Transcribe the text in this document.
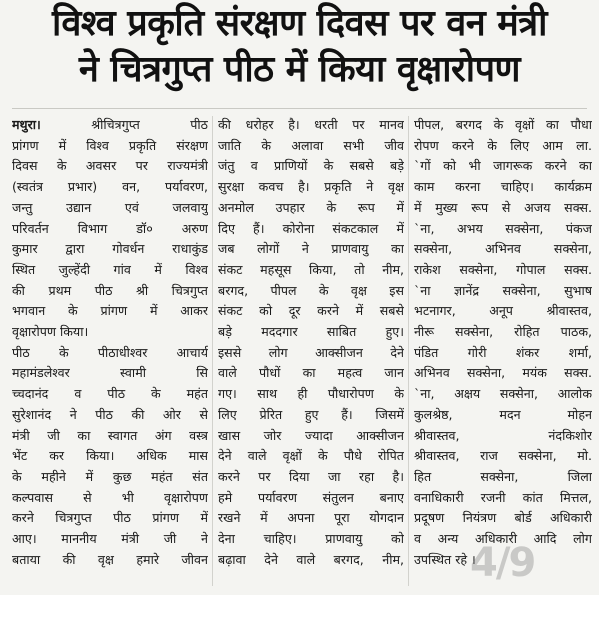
विश्व प्रकृति संरक्षण दिवस पर वन मंत्री
ने चित्रगुप्त पीठ में किया वृक्षारोपण
मथुरा। श्रीचित्रगुप्त पीठ
प्रांगण में विश्व प्रकृति संरक्षण
दिवस के अवसर पर राज्यमंत्री
(स्वतंत्र प्रभार) वन, पर्यावरण,
जन्तु उद्यान एवं जलवायु
परिवर्तन विभाग डॉ० अरुण
कुमार द्वारा गोवर्धन राधाकुंड
स्थित जुल्हेंदी गांव में विश्व
की प्रथम पीठ श्री चित्रगुप्त
भगवान के प्रांगण में आकर
वृक्षारोपण किया।
पीठ के पीठाधीश्वर आचार्य
महामंडलेश्वर स्वामी सि
च्चदानंद व पीठ के महंत
सुरेशानंद ने पीठ की ओर से
मंत्री जी का स्वागत अंग वस्त्र
भेंट कर किया। अधिक मास
के महीने में कुछ महंत संत
कल्पवास से भी वृक्षारोपण
करने चित्रगुप्त पीठ प्रांगण में
आए। माननीय मंत्री जी ने
बताया की वृक्ष हमारे जीवन
की धरोहर है। धरती पर मानव
जाति के अलावा सभी जीव
जंतु व प्राणियों के सबसे बड़े
सुरक्षा कवच है। प्रकृति ने वृक्ष
अनमोल उपहार के रूप में
दिए हैं। कोरोना संकटकाल में
जब लोगों ने प्राणवायु का
संकट महसूस किया, तो नीम,
बरगद, पीपल के वृक्ष इस
संकट को दूर करने में सबसे
बड़े मददगार साबित हुए।
इससे लोग आक्सीजन देने
वाले पौधों का महत्व जान
गए। साथ ही पौधारोपण के
लिए प्रेरित हुए हैं। जिसमें
खास जोर ज्यादा आक्सीजन
देने वाले वृक्षों के पौधे रोपित
करने पर दिया जा रहा है।
हमे पर्यावरण संतुलन बनाए
रखने में अपना पूरा योगदान
देना चाहिए। प्राणवायु को
बढ़ावा देने वाले बरगद, नीम,
पीपल, बरगद के वृक्षों का पौधा
रोपण करने के लिए आम ला.
`गों को भी जागरूक करने का
काम करना चाहिए। कार्यक्रम
में मुख्य रूप से अजय सक्स.
`ना, अभय सक्सेना, पंकज
सक्सेना, अभिनव सक्सेना,
राकेश सक्सेना, गोपाल सक्स.
`ना ज्ञानेंद्र सक्सेना, सुभाष
भटनागर, अनूप श्रीवास्तव,
नीरू सक्सेना, रोहित पाठक,
पंडित गोरी शंकर शर्मा,
अभिनव सक्सेना, मयंक सक्स.
`ना, अक्षय सक्सेना, आलोक
कुलश्रेष्ठ, मदन मोहन
श्रीवास्तव, नंदकिशोर
श्रीवास्तव, राज सक्सेना, मो.
हित सक्सेना, जिला
वनाधिकारी रजनी कांत मित्तल,
प्रदूषण नियंत्रण बोर्ड अधिकारी
व अन्य अधिकारी आदि लोग
उपस्थित रहे ।
4/9
